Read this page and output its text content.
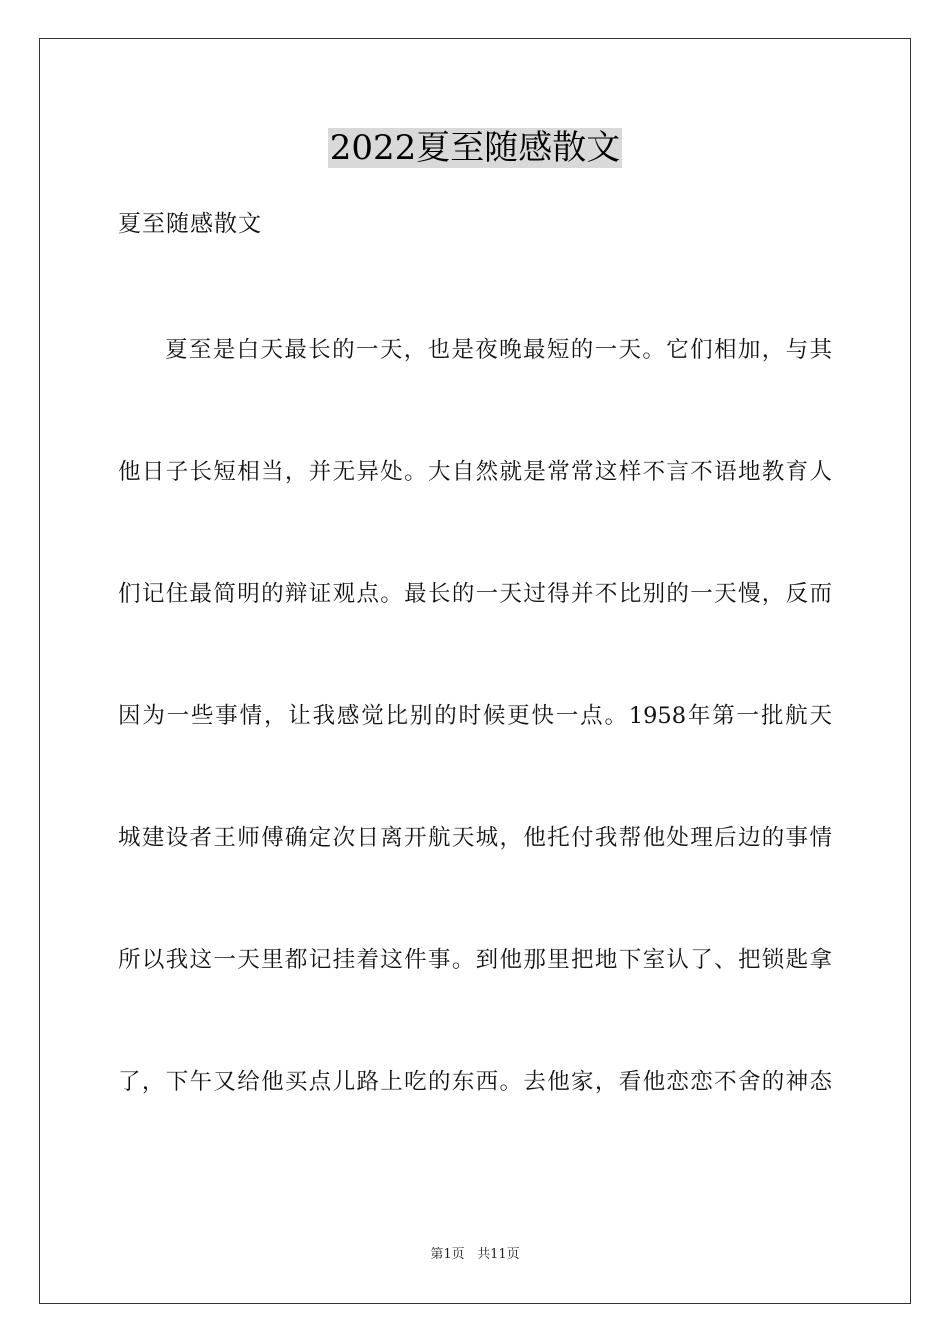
2022夏至随感散文
夏至随感散文
夏至是白天最长的一天，也是夜晚最短的一天。它们相加，与其
他日子长短相当，并无异处。大自然就是常常这样不言不语地教育人
们记住最简明的辩证观点。最长的一天过得并不比别的一天慢，反而
因为一些事情，让我感觉比别的时候更快一点。1958年第一批航天
城建设者王师傅确定次日离开航天城，他托付我帮他处理后边的事情
所以我这一天里都记挂着这件事。到他那里把地下室认了、把锁匙拿
了，下午又给他买点儿路上吃的东西。去他家，看他恋恋不舍的神态
第1页 共11页
